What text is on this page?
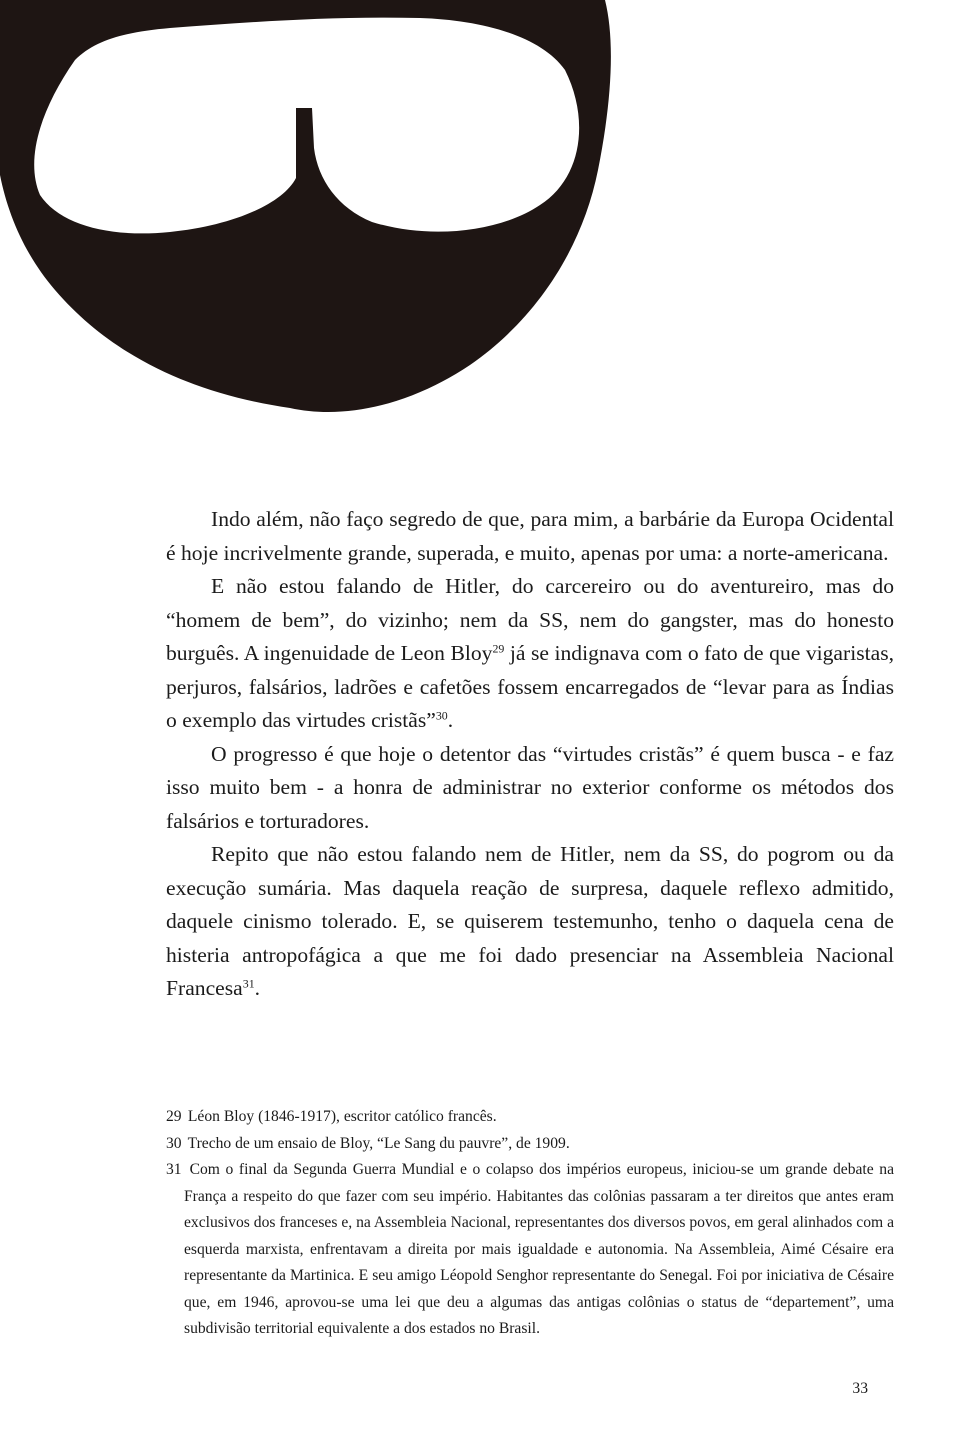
Indo além, não faço segredo de que, para mim, a barbárie da Europa Ocidental é hoje incrivelmente grande, superada, e muito, apenas por uma: a norte-americana.

E não estou falando de Hitler, do carcereiro ou do aventureiro, mas do “homem de bem”, do vizinho; nem da SS, nem do gangster, mas do honesto burguês. A ingenuidade de Leon Bloy$^{29}$ já se indignava com o fato de que vigaristas, perjuros, falsários, ladrões e cafetões fossem encarregados de “levar para as Índias o exemplo das virtudes cristãs”$^{30}$.

O progresso é que hoje o detentor das “virtudes cristãs” é quem busca - e faz isso muito bem - a honra de administrar no exterior conforme os métodos dos falsários e torturadores.

Repito que não estou falando nem de Hitler, nem da SS, do pogrom ou da execução sumária. Mas daquela reação de surpresa, daquele reflexo admitido, daquele cinismo tolerado. E, se quiserem testemunho, tenho o daquela cena de histeria antropofágica a que me foi dado presenciar na Assembleia Nacional Francesa$^{31}$.

29 Léon Bloy (1846-1917), escritor católico francês.
30 Trecho de um ensaio de Bloy, “Le Sang du pauvre”, de 1909.
31 Com o final da Segunda Guerra Mundial e o colapso dos impérios europeus, iniciou-se um grande debate na França a respeito do que fazer com seu império. Habitantes das colônias passaram a ter direitos que antes eram exclusivos dos franceses e, na Assembleia Nacional, representantes dos diversos povos, em geral alinhados com a esquerda marxista, enfrentavam a direita por mais igualdade e autonomia. Na Assembleia, Aimé Césaire era representante da Martinica. E seu amigo Léopold Senghor representante do Senegal. Foi por iniciativa de Césaire que, em 1946, aprovou-se uma lei que deu a algumas das antigas colônias o status de “departement”, uma subdivisão territorial equivalente a dos estados no Brasil.
33
